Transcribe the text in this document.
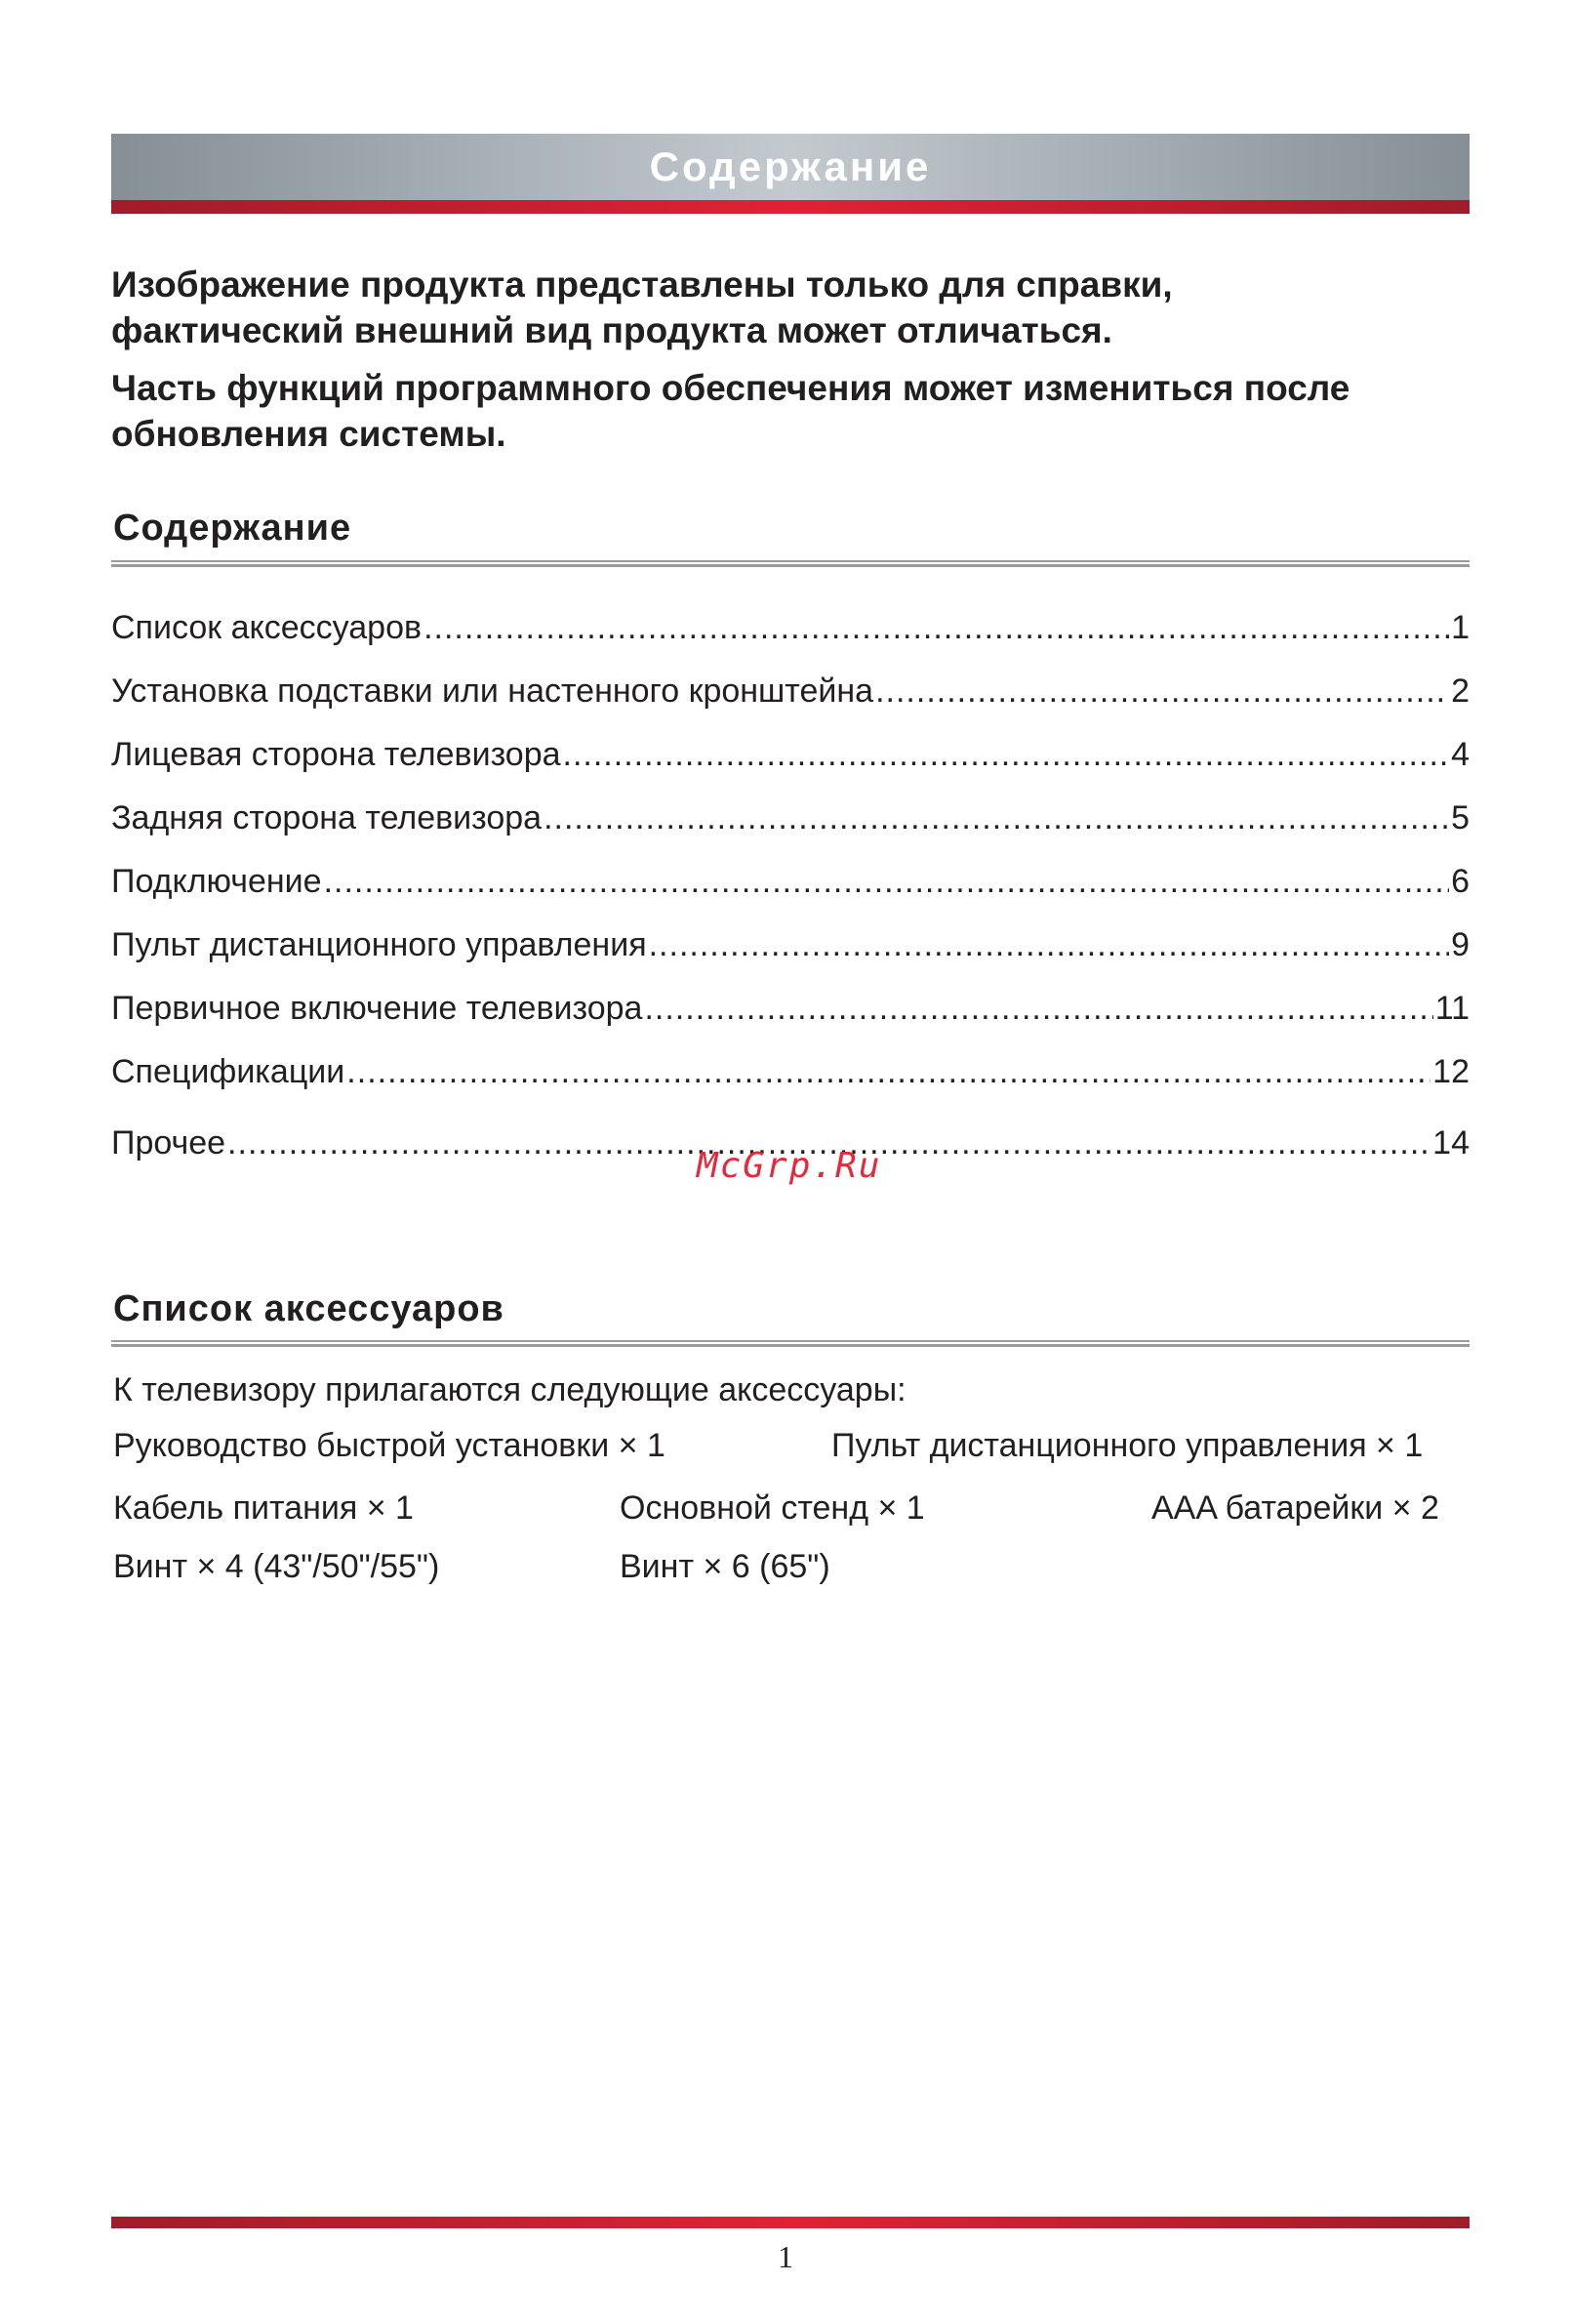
Содержание

Изображение продукта представлены только для справки,
фактический внешний вид продукта может отличаться.

Часть функций программного обеспечения может измениться после
обновления системы.

Содержание
Список аксессуаров .....	1
Установка подставки или настенного кронштейна .....	2
Лицевая сторона телевизора .....	4
Задняя сторона телевизора .....	5
Подключение .....	6
Пульт дистанционного управления .....	9
Первичное включение телевизора .....	11
Спецификации .....	12
Прочее .....	14
McGrp.Ru
Список аксессуаров
К телевизору прилагаются следующие аксессуары:
Руководство быстрой установки × 1	Пульт дистанционного управления × 1
Кабель питания × 1	Основной стенд × 1	AAA батарейки × 2
Винт × 4 (43"/50"/55")	Винт × 6 (65")
1
